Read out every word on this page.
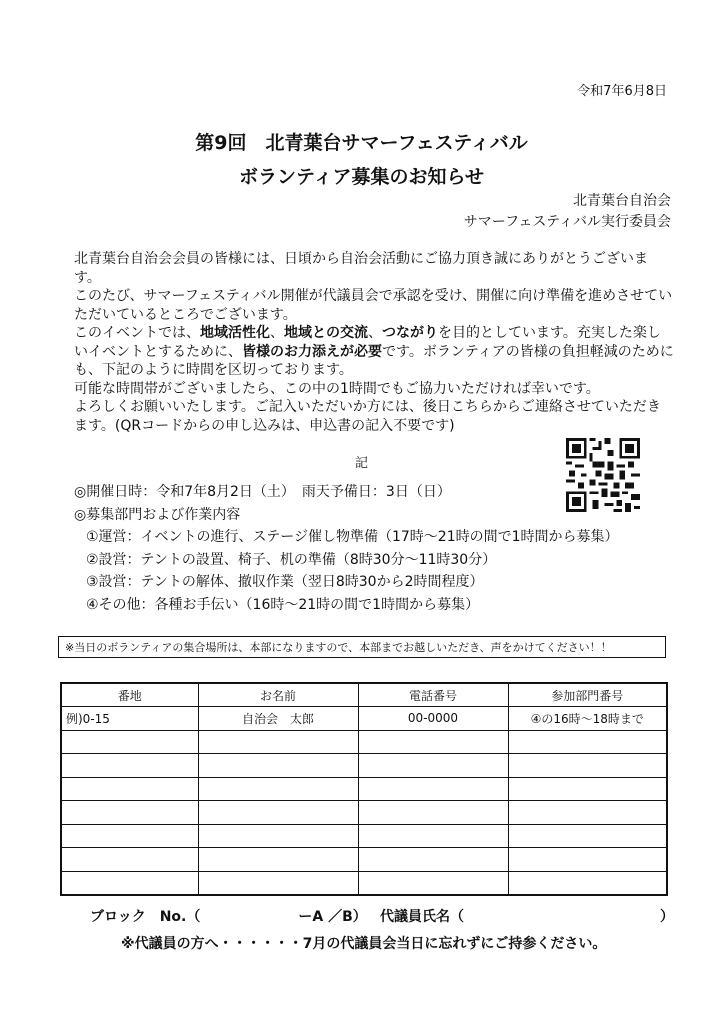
令和7年6月8日
第9回　北青葉台サマーフェスティバル
ボランティア募集のお知らせ
北青葉台自治会
サマーフェスティバル実行委員会

北青葉台自治会会員の皆様には、日頃から自治会活動にご協力頂き誠にありがとうございます。

このたび、サマーフェスティバル開催が代議員会で承認を受け、開催に向け準備を進めさせていただいているところでございます。

このイベントでは、地域活性化、地域との交流、つながりを目的としています。充実した楽しいイベントとするために、皆様のお力添えが必要です。ボランティアの皆様の負担軽減のためにも、下記のように時間を区切っております。

可能な時間帯がございましたら、この中の1時間でもご協力いただければ幸いです。

よろしくお願いいたします。ご記入いただいか方には、後日こちらからご連絡させていただきます。(QRコードからの申し込みは、申込書の記入不要です)

記
◎開催日時：令和7年8月2日（土）　雨天予備日：3日（日）
◎募集部門および作業内容
①運営：イベントの進行、ステージ催し物準備（17時～21時の間で1時間から募集）
②設営：テントの設置、椅子、机の準備（8時30分～11時30分）
③設営：テントの解体、撤収作業（翌日8時30から2時間程度）
④その他：各種お手伝い（16時～21時の間で1時間から募集）
※当日のボランティアの集合場所は、本部になりますので、本部までお越しいただき、声をかけてください！！
番地	お名前	電話番号	参加部門番号
例)0-15	自治会　太郎	00-0000	④の16時～18時まで

ブロック　No.（　　　　　　　ーA ／B） 代議員氏名（　　　　　　　　　　　　　　）
※代議員の方へ・・・・・・7月の代議員会当日に忘れずにご持参ください。
